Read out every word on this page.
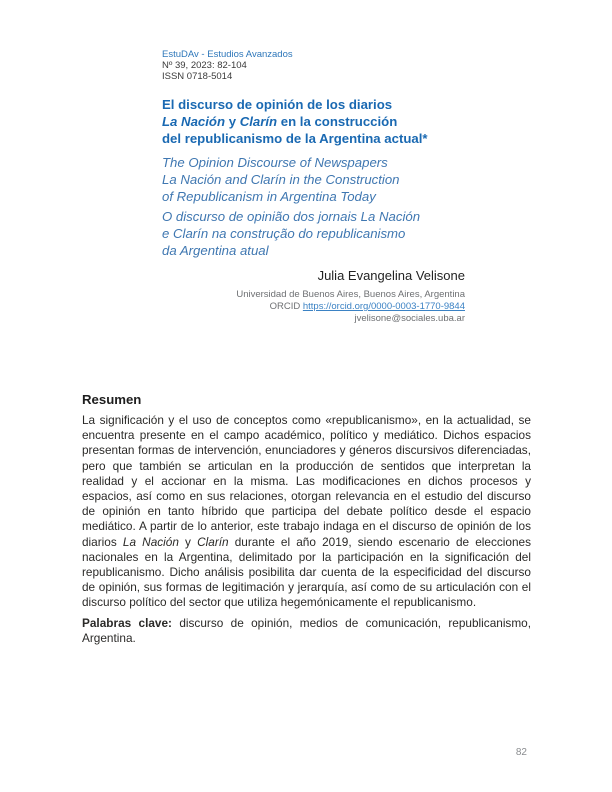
EstuDAv - Estudios Avanzados
Nº 39, 2023: 82-104
ISSN 0718-5014
El discurso de opinión de los diarios
La Nación y Clarín en la construcción
del republicanismo de la Argentina actual*
The Opinion Discourse of Newspapers
La Nación and Clarín in the Construction
of Republicanism in Argentina Today
O discurso de opinião dos jornais La Nación
e Clarín na construção do republicanismo
da Argentina atual
Julia Evangelina Velisone
Universidad de Buenos Aires, Buenos Aires, Argentina
ORCID https://orcid.org/0000-0003-1770-9844
jvelisone@sociales.uba.ar
Resumen

La significación y el uso de conceptos como «republicanismo», en la actualidad, se encuentra presente en el campo académico, político y mediático. Dichos espacios presentan formas de intervención, enunciadores y géneros discursivos diferenciadas, pero que también se articulan en la producción de sentidos que interpretan la realidad y el accionar en la misma. Las modificaciones en dichos procesos y espacios, así como en sus relaciones, otorgan relevancia en el estudio del discurso de opinión en tanto híbrido que participa del debate político desde el espacio mediático. A partir de lo anterior, este trabajo indaga en el discurso de opinión de los diarios La Nación y Clarín durante el año 2019, siendo escenario de elecciones nacionales en la Argentina, delimitado por la participación en la significación del republicanismo. Dicho análisis posibilita dar cuenta de la especificidad del discurso de opinión, sus formas de legitimación y jerarquía, así como de su articulación con el discurso político del sector que utiliza hegemónicamente el republicanismo.

Palabras clave: discurso de opinión, medios de comunicación, republicanismo, Argentina.

82
